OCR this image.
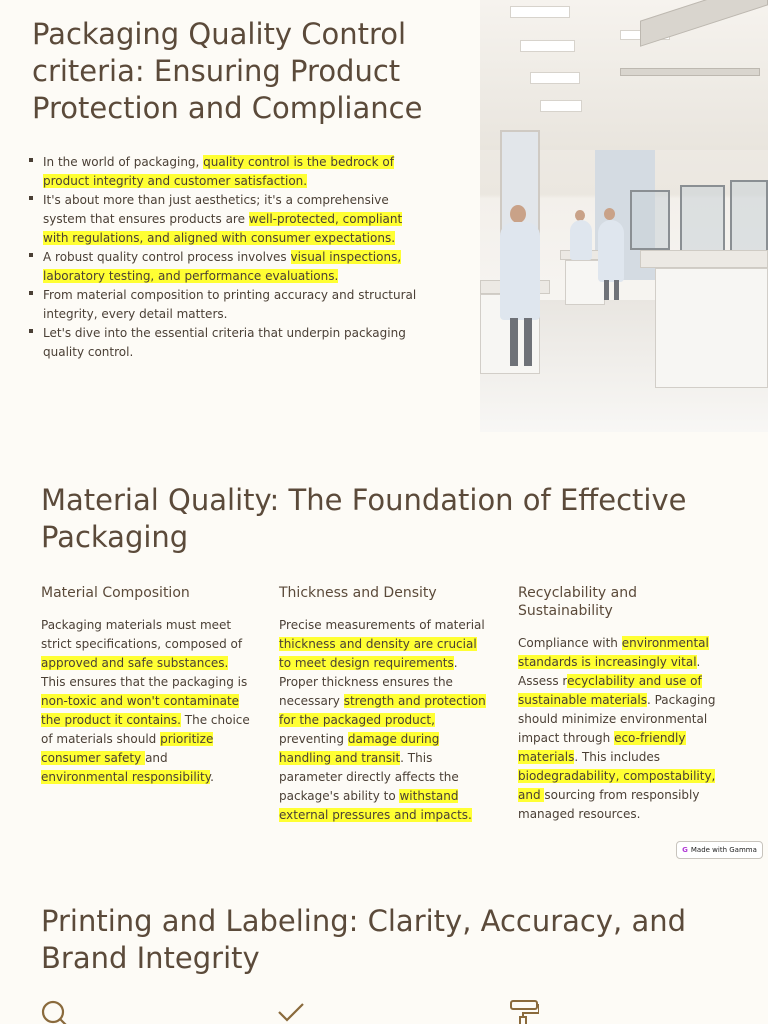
Packaging Quality Control criteria: Ensuring Product Protection and Compliance
In the world of packaging, quality control is the bedrock of product integrity and customer satisfaction.
It's about more than just aesthetics; it's a comprehensive system that ensures products are well-protected, compliant with regulations, and aligned with consumer expectations.
A robust quality control process involves visual inspections, laboratory testing, and performance evaluations.
From material composition to printing accuracy and structural integrity, every detail matters.
Let's dive into the essential criteria that underpin packaging quality control.
Material Quality: The Foundation of Effective Packaging
Material Composition

Packaging materials must meet strict specifications, composed of approved and safe substances. This ensures that the packaging is non-toxic and won't contaminate the product it contains. The choice of materials should prioritize consumer safety and environmental responsibility.

Thickness and Density

Precise measurements of material thickness and density are crucial to meet design requirements. Proper thickness ensures the necessary strength and protection for the packaged product, preventing damage during handling and transit. This parameter directly affects the package's ability to withstand external pressures and impacts.

Recyclability and Sustainability

Compliance with environmental standards is increasingly vital. Assess recyclability and use of sustainable materials. Packaging should minimize environmental impact through eco-friendly materials. This includes biodegradability, compostability, and sourcing from responsibly managed resources.

G Made with Gamma
Printing and Labeling: Clarity, Accuracy, and Brand Integrity
